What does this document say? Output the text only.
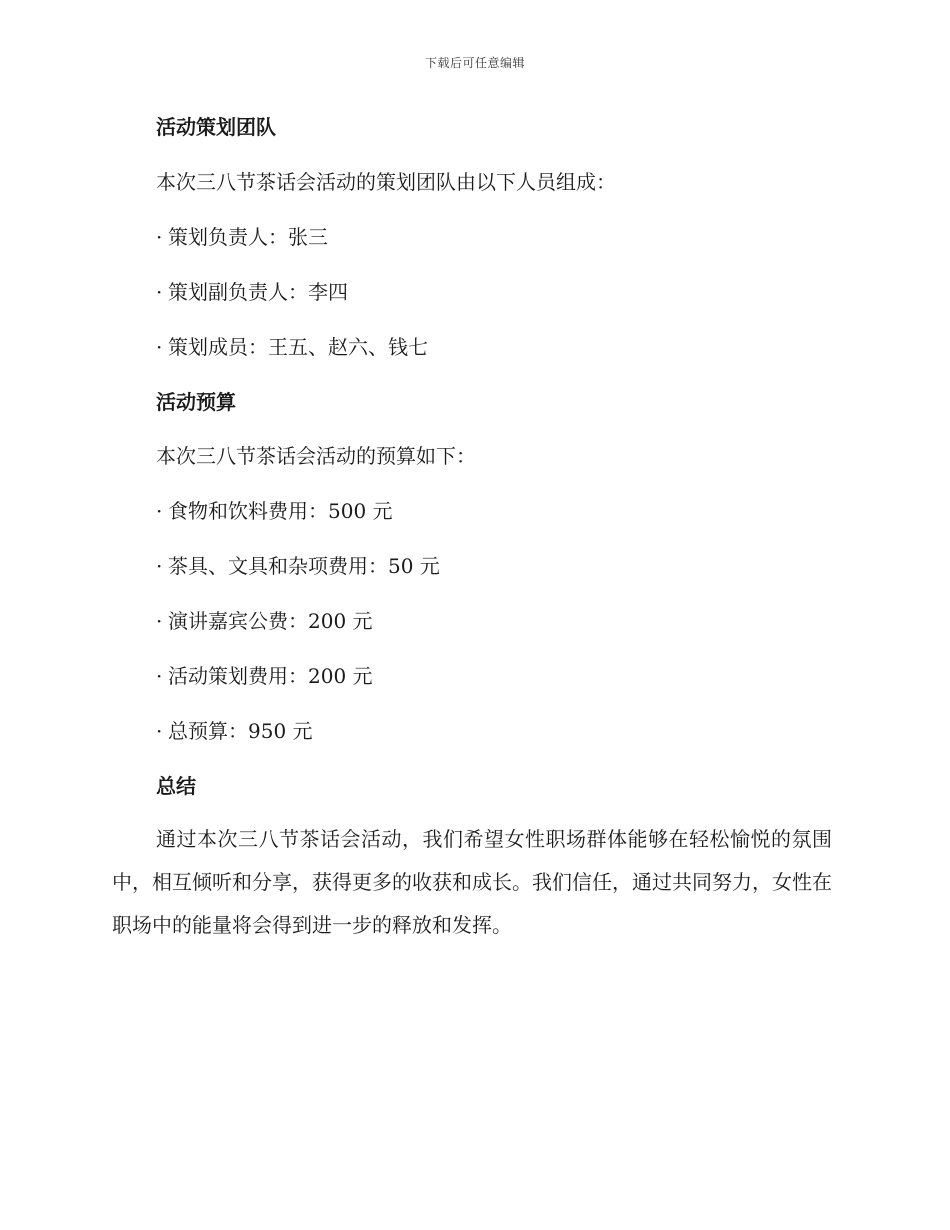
下载后可任意编辑
活动策划团队
本次三八节茶话会活动的策划团队由以下人员组成：
· 策划负责人：张三
· 策划副负责人：李四
· 策划成员：王五、赵六、钱七
活动预算
本次三八节茶话会活动的预算如下：
· 食物和饮料费用：500 元
· 茶具、文具和杂项费用：50 元
· 演讲嘉宾公费：200 元
· 活动策划费用：200 元
· 总预算：950 元
总结
通过本次三八节茶话会活动，我们希望女性职场群体能够在轻松愉悦的氛围中，相互倾听和分享，获得更多的收获和成长。我们信任，通过共同努力，女性在职场中的能量将会得到进一步的释放和发挥。
